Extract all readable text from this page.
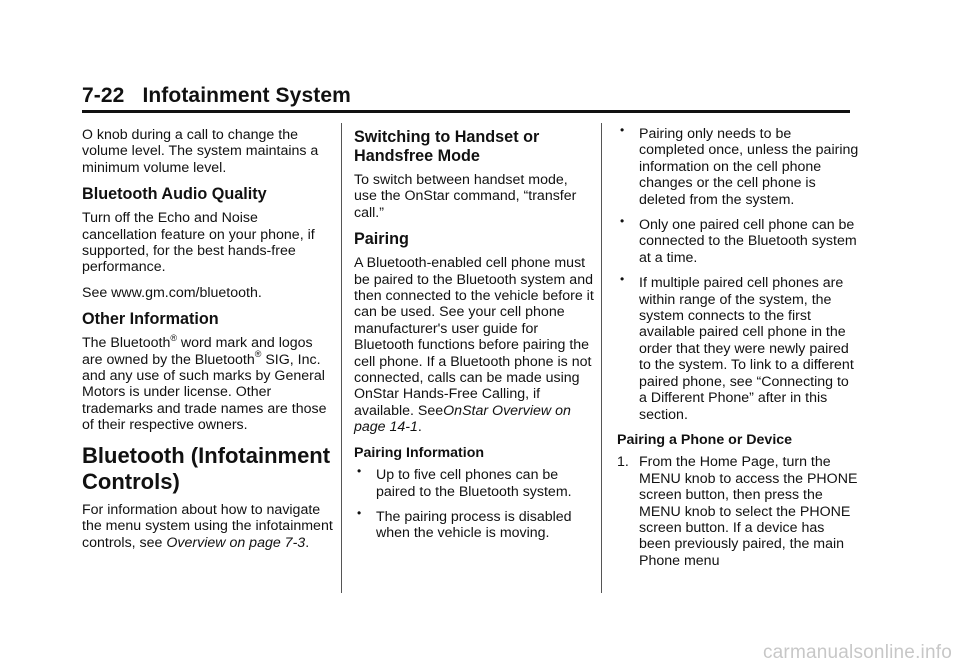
7-22 Infotainment System

O knob during a call to change the volume level. The system maintains a minimum volume level.

Bluetooth Audio Quality

Turn off the Echo and Noise cancellation feature on your phone, if supported, for the best hands-free performance.

See www.gm.com/bluetooth.

Other Information

The Bluetooth® word mark and logos are owned by the Bluetooth® SIG, Inc. and any use of such marks by General Motors is under license. Other trademarks and trade names are those of their respective owners.

Bluetooth (Infotainment Controls)

For information about how to navigate the menu system using the infotainment controls, see Overview on page 7-3.

Switching to Handset or Handsfree Mode

To switch between handset mode, use the OnStar command, “transfer call.”

Pairing

A Bluetooth-enabled cell phone must be paired to the Bluetooth system and then connected to the vehicle before it can be used. See your cell phone manufacturer's user guide for Bluetooth functions before pairing the cell phone. If a Bluetooth phone is not connected, calls can be made using OnStar Hands-Free Calling, if available. SeeOnStar Overview on page 14-1.

Pairing Information
• Up to five cell phones can be paired to the Bluetooth system.
• The pairing process is disabled when the vehicle is moving.
• Pairing only needs to be completed once, unless the pairing information on the cell phone changes or the cell phone is deleted from the system.
• Only one paired cell phone can be connected to the Bluetooth system at a time.
• If multiple paired cell phones are within range of the system, the system connects to the first available paired cell phone in the order that they were newly paired to the system. To link to a different paired phone, see “Connecting to a Different Phone” after in this section.
Pairing a Phone or Device
1. From the Home Page, turn the MENU knob to access the PHONE screen button, then press the MENU knob to select the PHONE screen button. If a device has been previously paired, the main Phone menu
carmanualsonline.info
